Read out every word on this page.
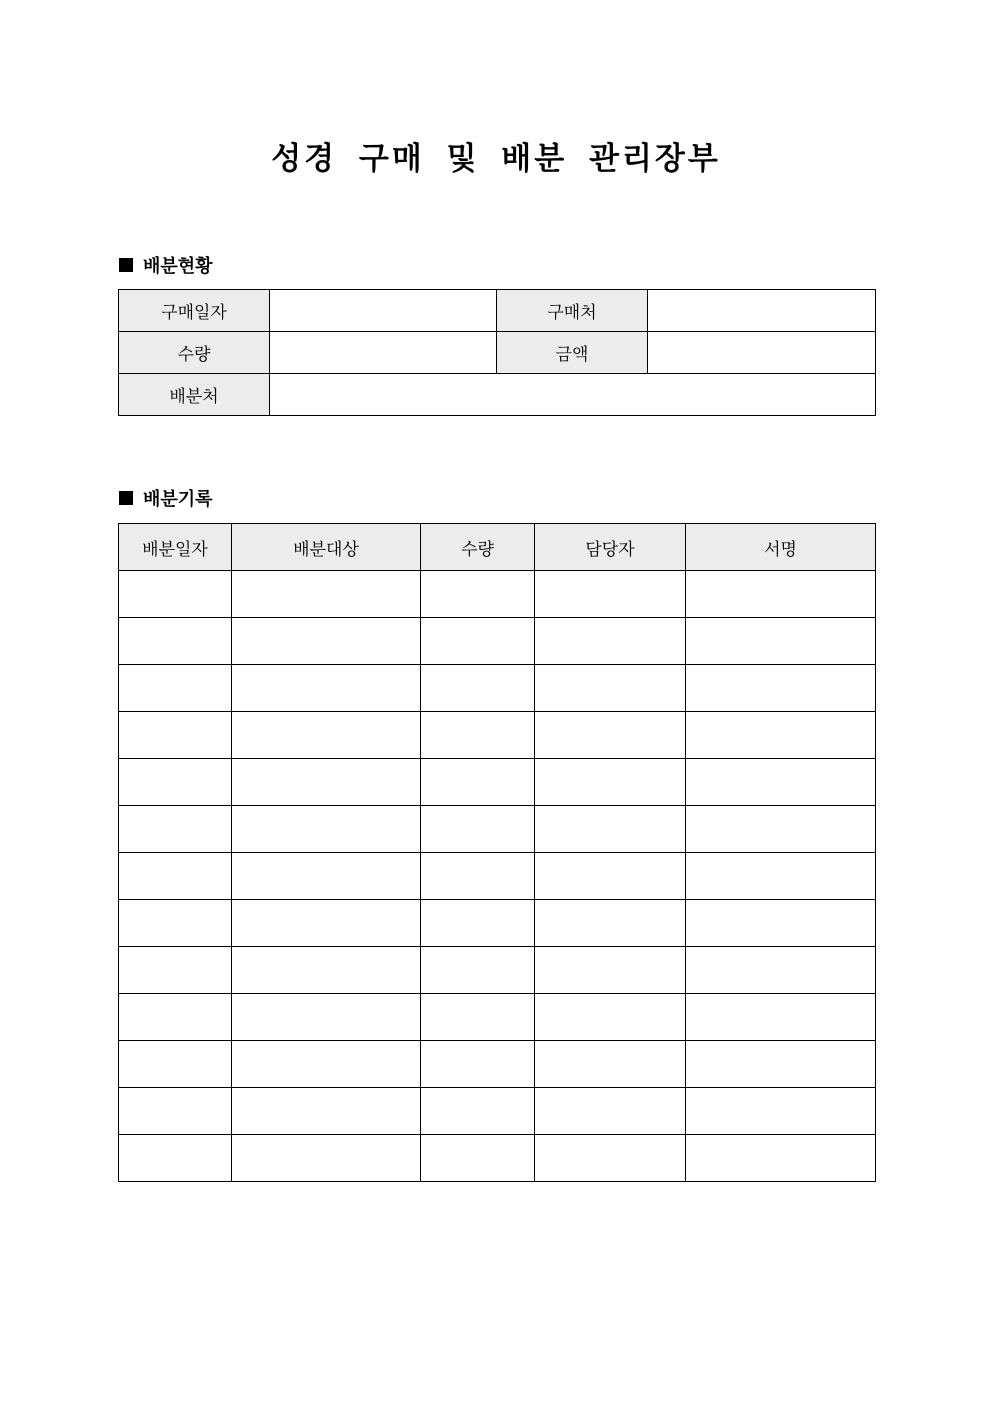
성경 구매 및 배분 관리장부
배분현황
구매일자		구매처	
수량		금액	
배분처			
배분기록
배분일자	배분대상	수량	담당자	서명
